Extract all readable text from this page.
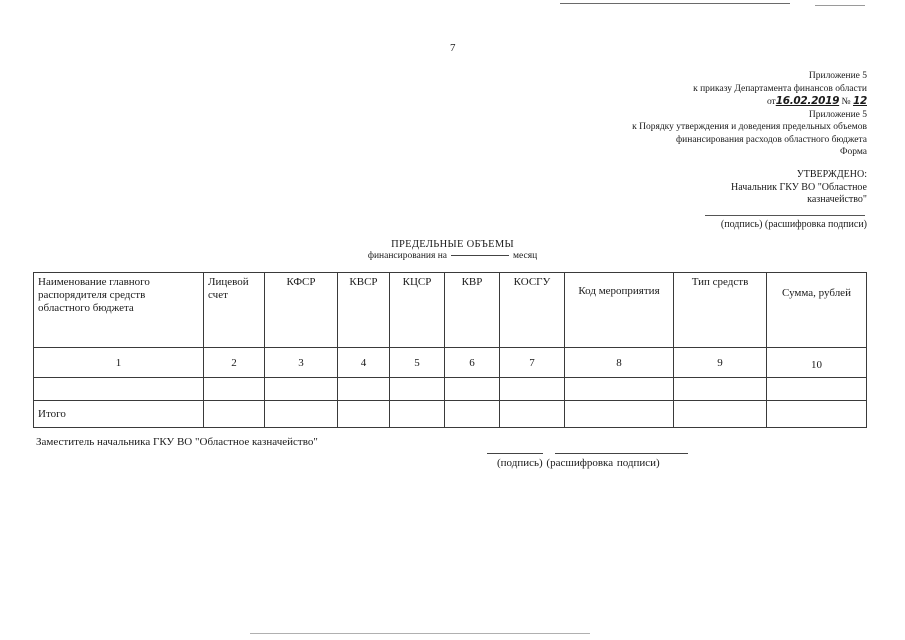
7
Приложение 5
к приказу Департамента финансов области
от16.02.2019 № 12
Приложение 5
к Порядку утверждения и доведения предельных объемов
финансирования расходов областного бюджета
Форма
УТВЕРЖДЕНО:
Начальник ГКУ ВО "Областное
казначейство"
(подпись) (расшифровка подписи)
ПРЕДЕЛЬНЫЕ ОБЪЕМЫ
финансирования на	месяц
Наименование главного распорядителя средств областного бюджета	Лицевой счет	КФСР	КВСР	КЦСР	КВР	КОСГУ	Код мероприятия	Тип средств	Сумма, рублей
1	2	3	4	5	6	7	8	9	10

Итого									
Заместитель начальника ГКУ ВО "Областное казначейство"
(подпись) (расшифровка подписи)
